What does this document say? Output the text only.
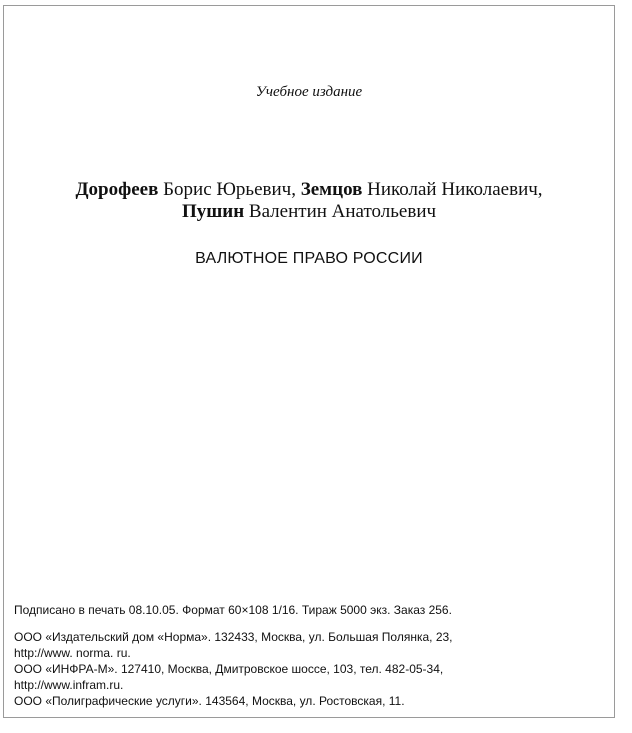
Учебное издание
Дорофеев Борис Юрьевич, Земцов Николай Николаевич,
Пушин Валентин Анатольевич
ВАЛЮТНОЕ ПРАВО РОССИИ
Подписано в печать 08.10.05. Формат 60×108 1/16. Тираж 5000 экз. Заказ 256.
ООО «Издательский дом «Норма». 132433, Москва, ул. Большая Полянка, 23,
http://www. norma. ru.
ООО «ИНФРА-М». 127410, Москва, Дмитровское шоссе, 103, тел. 482-05-34,
http://www.infram.ru.
ООО «Полиграфические услуги». 143564, Москва, ул. Ростовская, 11.
